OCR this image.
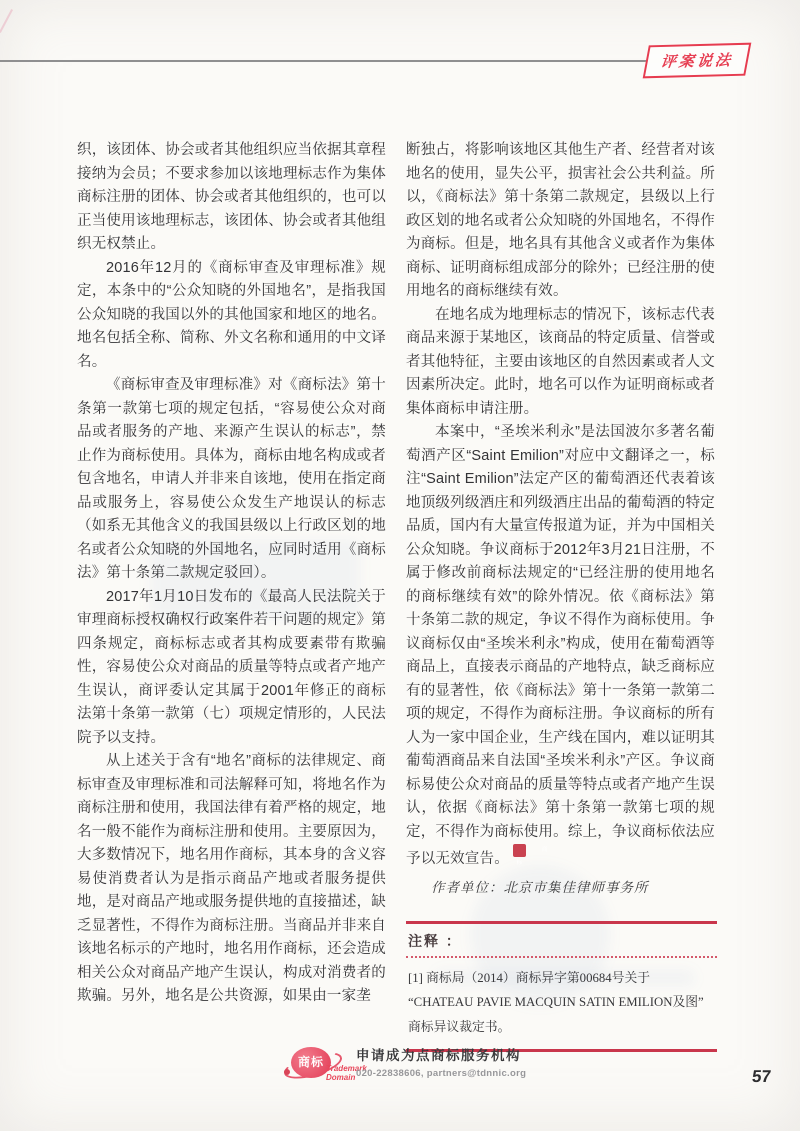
评案说法

织，该团体、协会或者其他组织应当依据其章程接纳为会员；不要求参加以该地理标志作为集体商标注册的团体、协会或者其他组织的，也可以正当使用该地理标志，该团体、协会或者其他组织无权禁止。

2016年12月的《商标审查及审理标准》规定，本条中的“公众知晓的外国地名”，是指我国公众知晓的我国以外的其他国家和地区的地名。地名包括全称、简称、外文名称和通用的中文译名。

《商标审查及审理标准》对《商标法》第十条第一款第七项的规定包括，“容易使公众对商品或者服务的产地、来源产生误认的标志”，禁止作为商标使用。具体为，商标由地名构成或者包含地名，申请人并非来自该地，使用在指定商品或服务上，容易使公众发生产地误认的标志（如系无其他含义的我国县级以上行政区划的地名或者公众知晓的外国地名，应同时适用《商标法》第十条第二款规定驳回）。

2017年1月10日发布的《最高人民法院关于审理商标授权确权行政案件若干问题的规定》第四条规定，商标标志或者其构成要素带有欺骗性，容易使公众对商品的质量等特点或者产地产生误认，商评委认定其属于2001年修正的商标法第十条第一款第（七）项规定情形的，人民法院予以支持。

从上述关于含有“地名”商标的法律规定、商标审查及审理标准和司法解释可知，将地名作为商标注册和使用，我国法律有着严格的规定，地名一般不能作为商标注册和使用。主要原因为，大多数情况下，地名用作商标，其本身的含义容易使消费者认为是指示商品产地或者服务提供地，是对商品产地或服务提供地的直接描述，缺乏显著性，不得作为商标注册。当商品并非来自该地名标示的产地时，地名用作商标，还会造成相关公众对商品产地产生误认，构成对消费者的欺骗。另外，地名是公共资源，如果由一家垄

断独占，将影响该地区其他生产者、经营者对该地名的使用，显失公平，损害社会公共利益。所以，《商标法》第十条第二款规定，县级以上行政区划的地名或者公众知晓的外国地名，不得作为商标。但是，地名具有其他含义或者作为集体商标、证明商标组成部分的除外；已经注册的使用地名的商标继续有效。

在地名成为地理标志的情况下，该标志代表商品来源于某地区，该商品的特定质量、信誉或者其他特征，主要由该地区的自然因素或者人文因素所决定。此时，地名可以作为证明商标或者集体商标申请注册。

本案中，“圣埃米利永”是法国波尔多著名葡萄酒产区“Saint Emilion”对应中文翻译之一，标注“Saint Emilion”法定产区的葡萄酒还代表着该地顶级列级酒庄和列级酒庄出品的葡萄酒的特定品质，国内有大量宣传报道为证，并为中国相关公众知晓。争议商标于2012年3月21日注册，不属于修改前商标法规定的“已经注册的使用地名的商标继续有效”的除外情况。依《商标法》第十条第二款的规定，争议不得作为商标使用。争议商标仅由“圣埃米利永”构成，使用在葡萄酒等商品上，直接表示商品的产地特点，缺乏商标应有的显著性，依《商标法》第十一条第一款第二项的规定，不得作为商标注册。争议商标的所有人为一家中国企业，生产线在国内，难以证明其葡萄酒商品来自法国“圣埃米利永”产区。争议商标易使公众对商品的质量等特点或者产地产生误认，依据《商标法》第十条第一款第七项的规定，不得作为商标使用。综上，争议商标依法应予以无效宣告。商标

作者单位：北京市集佳律师事务所
注释 ：
[1] 商标局（2014）商标异字第00684号关于 “CHATEAU PAVIE MACQUIN SATIN EMILION及图” 商标异议裁定书。
商标 Trademark Domain
申请成为点商标服务机构
020-22838606, partners@tdnnic.org	57
